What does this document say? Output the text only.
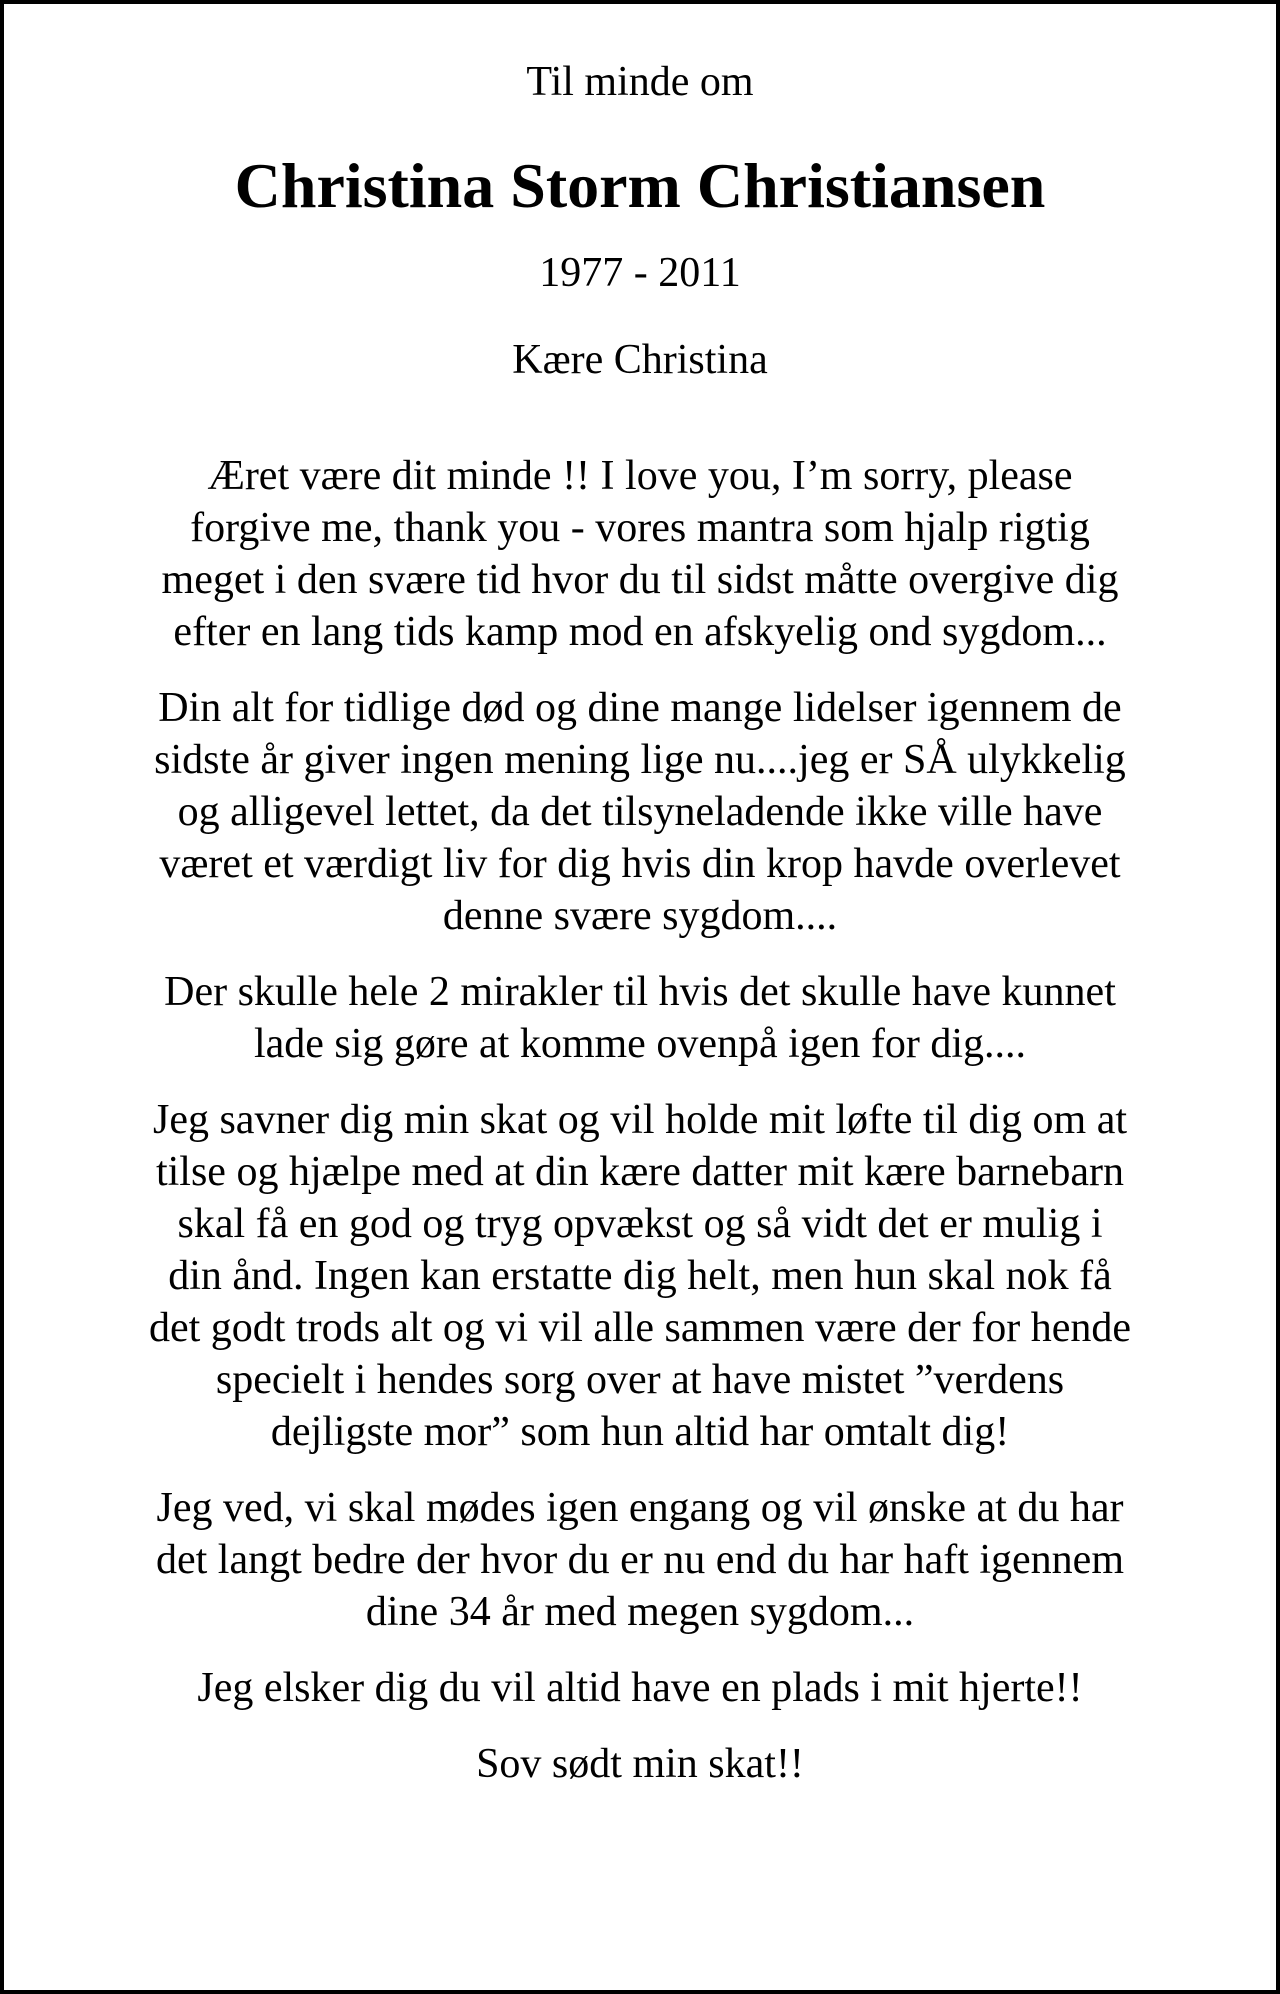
Til minde om
Christina Storm Christiansen
1977 - 2011
Kære Christina

Æret være dit minde !! I love you, I’m sorry, please
forgive me, thank you - vores mantra som hjalp rigtig
meget i den svære tid hvor du til sidst måtte overgive dig
efter en lang tids kamp mod en afskyelig ond sygdom...

Din alt for tidlige død og dine mange lidelser igennem de
sidste år giver ingen mening lige nu....jeg er SÅ ulykkelig
og alligevel lettet, da det tilsyneladende ikke ville have
været et værdigt liv for dig hvis din krop havde overlevet
denne svære sygdom....

Der skulle hele 2 mirakler til hvis det skulle have kunnet
lade sig gøre at komme ovenpå igen for dig....

Jeg savner dig min skat og vil holde mit løfte til dig om at
tilse og hjælpe med at din kære datter mit kære barnebarn
skal få en god og tryg opvækst og så vidt det er mulig i
din ånd. Ingen kan erstatte dig helt, men hun skal nok få
det godt trods alt og vi vil alle sammen være der for hende
specielt i hendes sorg over at have mistet ”verdens
dejligste mor” som hun altid har omtalt dig!

Jeg ved, vi skal mødes igen engang og vil ønske at du har
det langt bedre der hvor du er nu end du har haft igennem
dine 34 år med megen sygdom...

Jeg elsker dig du vil altid have en plads i mit hjerte!!

Sov sødt min skat!!
